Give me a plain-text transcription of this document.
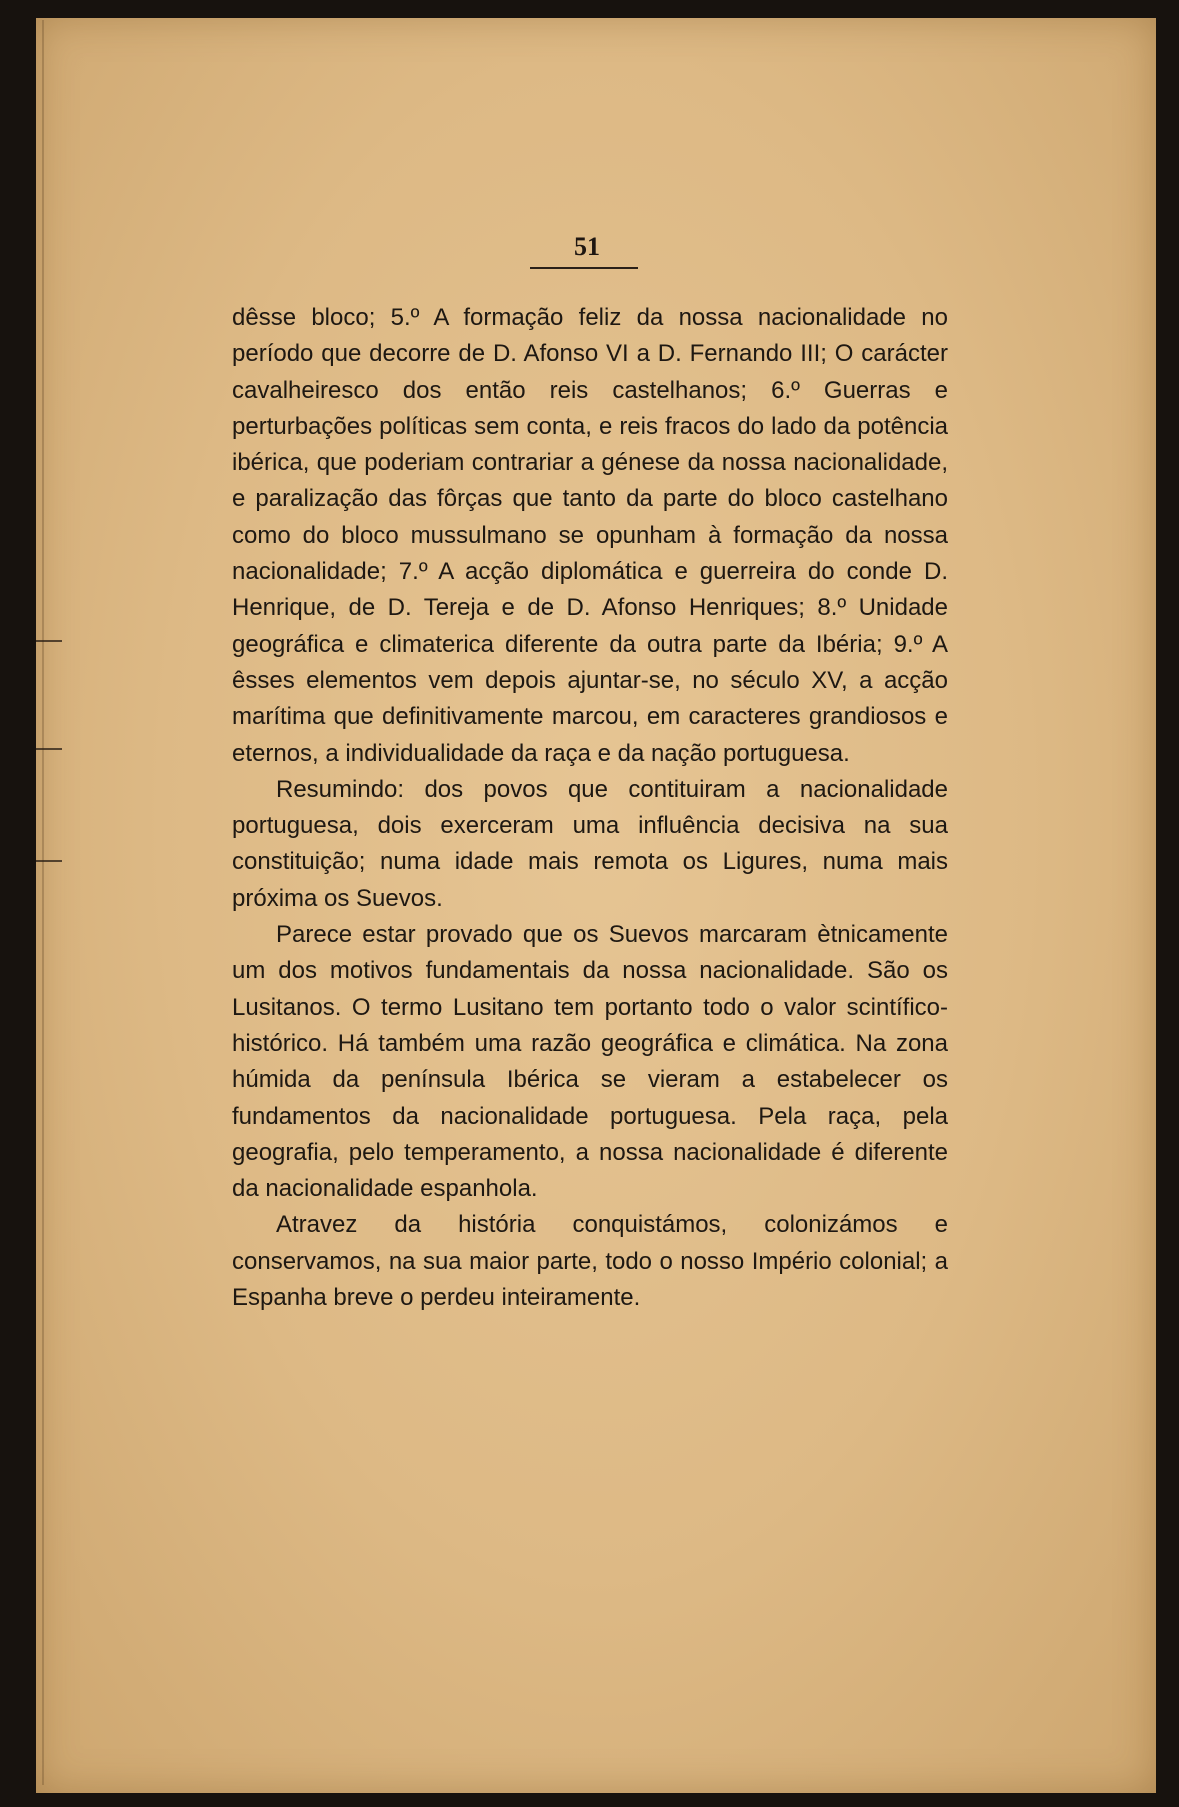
51

dêsse bloco; 5.º A formação feliz da nossa nacionalidade no período que decorre de D. Afonso VI a D. Fernando III; O carácter cavalheiresco dos então reis castelhanos; 6.º Guerras e perturbações políticas sem conta, e reis fracos do lado da potência ibérica, que poderiam contrariar a génese da nossa nacionalidade, e paralização das fôrças que tanto da parte do bloco castelhano como do bloco mussulmano se opunham à formação da nossa nacionalidade; 7.º A acção diplomática e guerreira do conde D. Henrique, de D. Tereja e de D. Afonso Henriques; 8.º Unidade geográfica e climaterica diferente da outra parte da Ibéria; 9.º A êsses elementos vem depois ajuntar-se, no século XV, a acção marítima que definitivamente marcou, em caracteres grandiosos e eternos, a individualidade da raça e da nação portuguesa.

Resumindo: dos povos que contituiram a nacionalidade portuguesa, dois exerceram uma influência decisiva na sua constituição; numa idade mais remota os Ligures, numa mais próxima os Suevos.

Parece estar provado que os Suevos marcaram ètnicamente um dos motivos fundamentais da nossa nacionalidade. São os Lusitanos. O termo Lusitano tem portanto todo o valor scintífico-histórico. Há também uma razão geográfica e climática. Na zona húmida da península Ibérica se vieram a estabelecer os fundamentos da nacionalidade portuguesa. Pela raça, pela geografia, pelo temperamento, a nossa nacionalidade é diferente da nacionalidade espanhola.

Atravez da história conquistámos, colonizámos e conservamos, na sua maior parte, todo o nosso Império colonial; a Espanha breve o perdeu inteiramente.
